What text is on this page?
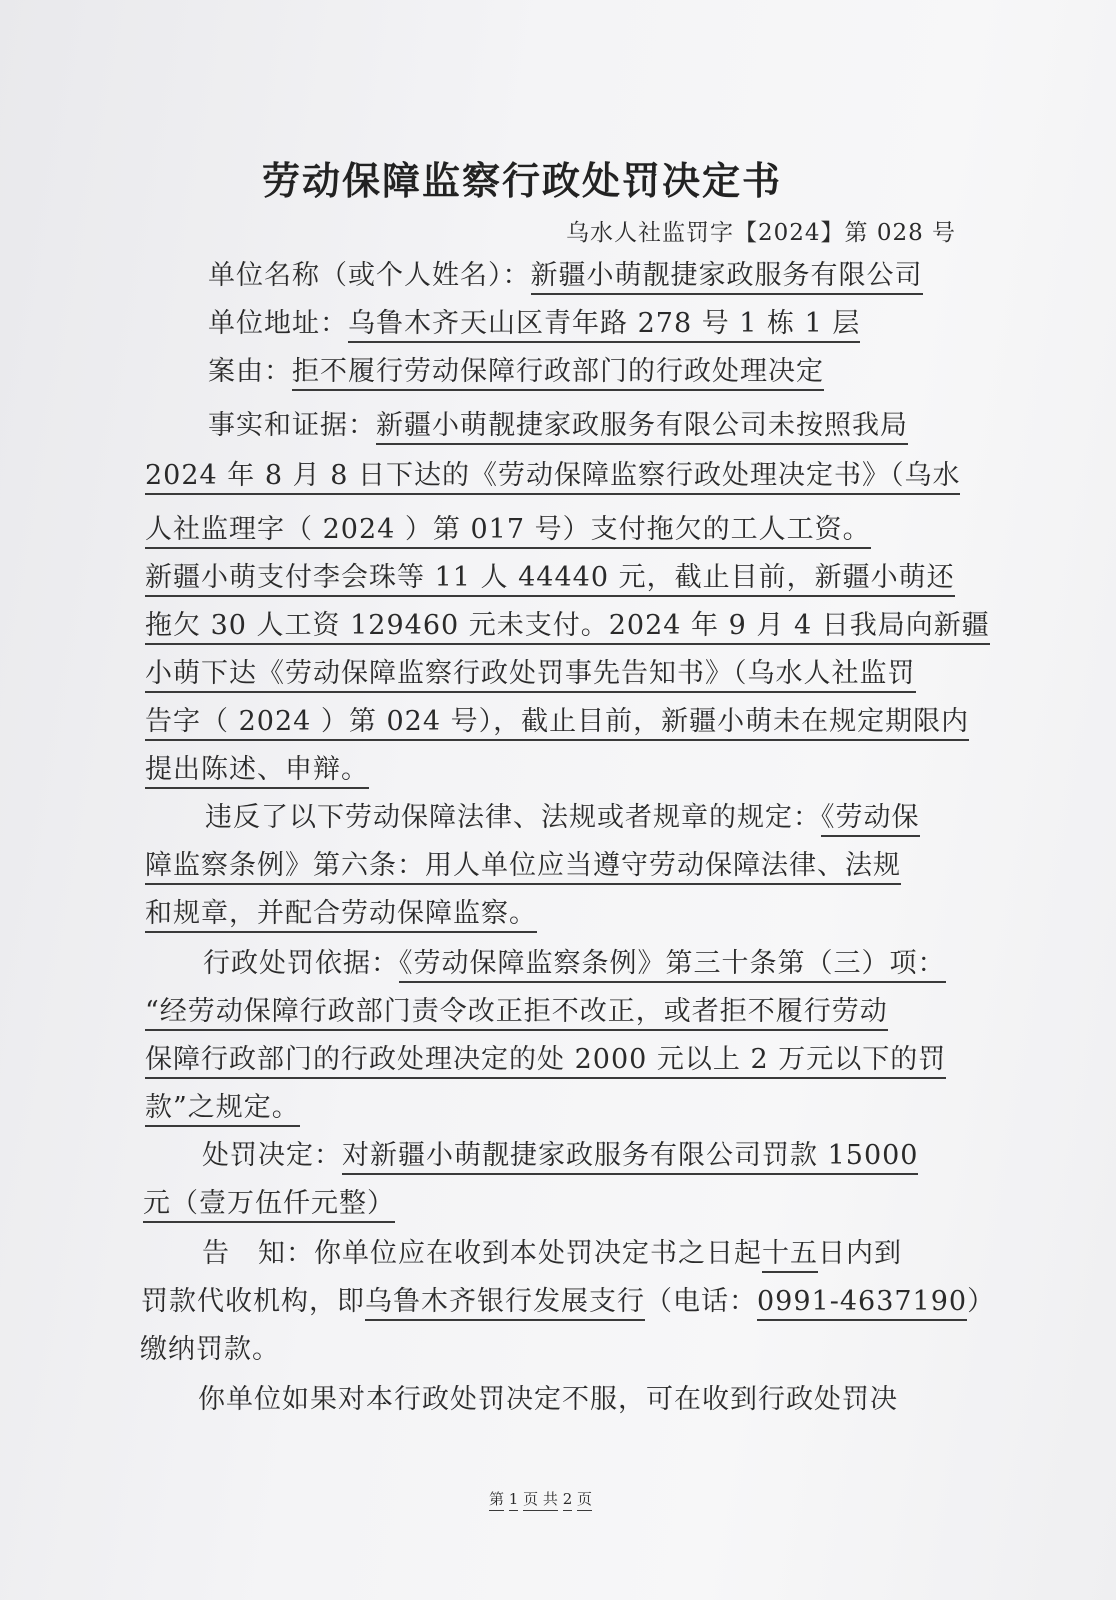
劳动保障监察行政处罚决定书
乌水人社监罚字【2024】第 028 号
单位名称（或个人姓名）：新疆小萌靓捷家政服务有限公司
单位地址：乌鲁木齐天山区青年路 278 号 1 栋 1 层
案由：拒不履行劳动保障行政部门的行政处理决定
事实和证据：新疆小萌靓捷家政服务有限公司未按照我局
2024 年 8 月 8 日下达的《劳动保障监察行政处理决定书》（乌水
人社监理字（ 2024 ）第 017 号）支付拖欠的工人工资。
新疆小萌支付李会珠等 11 人 44440 元，截止目前，新疆小萌还
拖欠 30 人工资 129460 元未支付。2024 年 9 月 4 日我局向新疆
小萌下达《劳动保障监察行政处罚事先告知书》（乌水人社监罚
告字（ 2024 ）第 024 号），截止目前，新疆小萌未在规定期限内
提出陈述、申辩。
违反了以下劳动保障法律、法规或者规章的规定：《劳动保
障监察条例》第六条：用人单位应当遵守劳动保障法律、法规
和规章，并配合劳动保障监察。
行政处罚依据：《劳动保障监察条例》第三十条第（三）项：
“经劳动保障行政部门责令改正拒不改正，或者拒不履行劳动
保障行政部门的行政处理决定的处 2000 元以上 2 万元以下的罚
款”之规定。
处罚决定：对新疆小萌靓捷家政服务有限公司罚款 15000
元（壹万伍仟元整）
告　知：你单位应在收到本处罚决定书之日起十五日内到
罚款代收机构，即乌鲁木齐银行发展支行（电话：0991-4637190）
缴纳罚款。
你单位如果对本行政处罚决定不服，可在收到行政处罚决
第 1 页 共 2 页
